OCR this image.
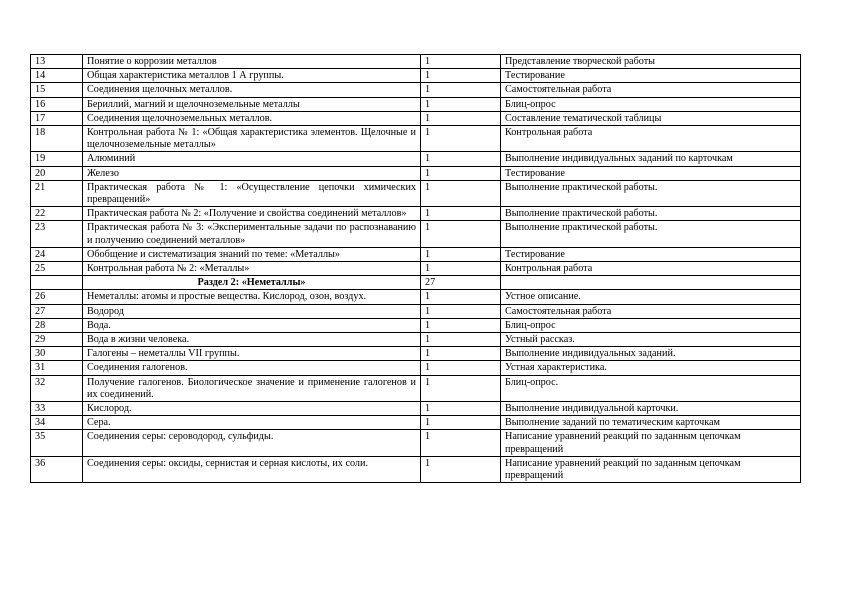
13	Понятие о коррозии металлов	1	Представление творческой работы
14	Общая характеристика металлов 1 А группы.	1	Тестирование
15	Соединения щелочных металлов.	1	Самостоятельная работа
16	Бериллий, магний и щелочноземельные металлы	1	Блиц-опрос
17	Соединения щелочноземельных металлов.	1	Составление тематической таблицы
18	Контрольная работа № 1: «Общая характеристика элементов. Щелочные и щелочноземельные металлы»	1	Контрольная работа
19	Алюминий	1	Выполнение индивидуальных заданий по карточкам
20	Железо	1	Тестирование
21	Практическая работа № 1: «Осуществление цепочки химических превращений»	1	Выполнение практической работы.
22	Практическая работа № 2: «Получение и свойства соединений металлов»	1	Выполнение практической работы.
23	Практическая работа № 3: «Экспериментальные задачи по распознаванию и получению соединений металлов»	1	Выполнение практической работы.
24	Обобщение и систематизация знаний по теме: «Металлы»	1	Тестирование
25	Контрольная работа № 2: «Металлы»	1	Контрольная работа
	Раздел 2: «Неметаллы»	27	
26	Неметаллы: атомы и простые вещества. Кислород, озон, воздух.	1	Устное описание.
27	Водород	1	Самостоятельная работа
28	Вода.	1	Блиц-опрос
29	Вода в жизни человека.	1	Устный рассказ.
30	Галогены – неметаллы VII группы.	1	Выполнение индивидуальных заданий.
31	Соединения галогенов.	1	Устная характеристика.
32	Получение галогенов. Биологическое значение и применение галогенов и их соединений.	1	Блиц-опрос.
33	Кислород.	1	Выполнение индивидуальной карточки.
34	Сера.	1	Выполнение заданий по тематическим карточкам
35	Соединения серы: сероводород, сульфиды.	1	Написание уравнений реакций по заданным цепочкам превращений
36	Соединения серы: оксиды, сернистая и серная кислоты, их соли.	1	Написание уравнений реакций по заданным цепочкам превращений
